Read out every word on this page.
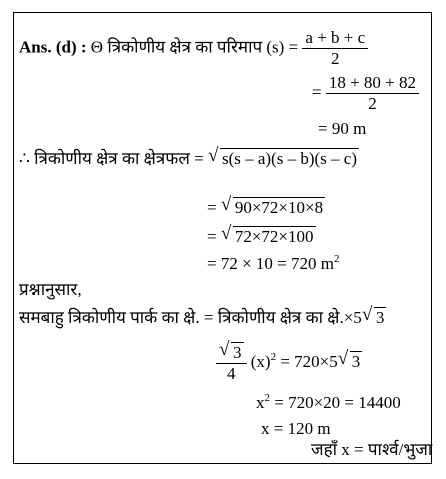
Ans. (d) : Θ त्रिकोणीय क्षेत्र का परिमाप $(s) = \frac{a + b + c}{2}$
= $\frac{18 + 80 + 82}{2}$
= 90 m
∴ त्रिकोणीय क्षेत्र का क्षेत्रफल = √ s(s – a)(s – b)(s – c)
= √ 90×72×10×8
= √ 72×72×100
= 72 × 10 = 720 $m^2$
प्रश्नानुसार,
समबाहु त्रिकोणीय पार्क का क्षे. = त्रिकोणीय क्षेत्र का क्षे.×5 √ 3
$\frac{√ 3}{4} (x)^2 = 720\times 5$ √ 3
$x^2 = 720\times 20 = 14400$
x = 120 m
जहाँ x = पार्श्व/भुजा
